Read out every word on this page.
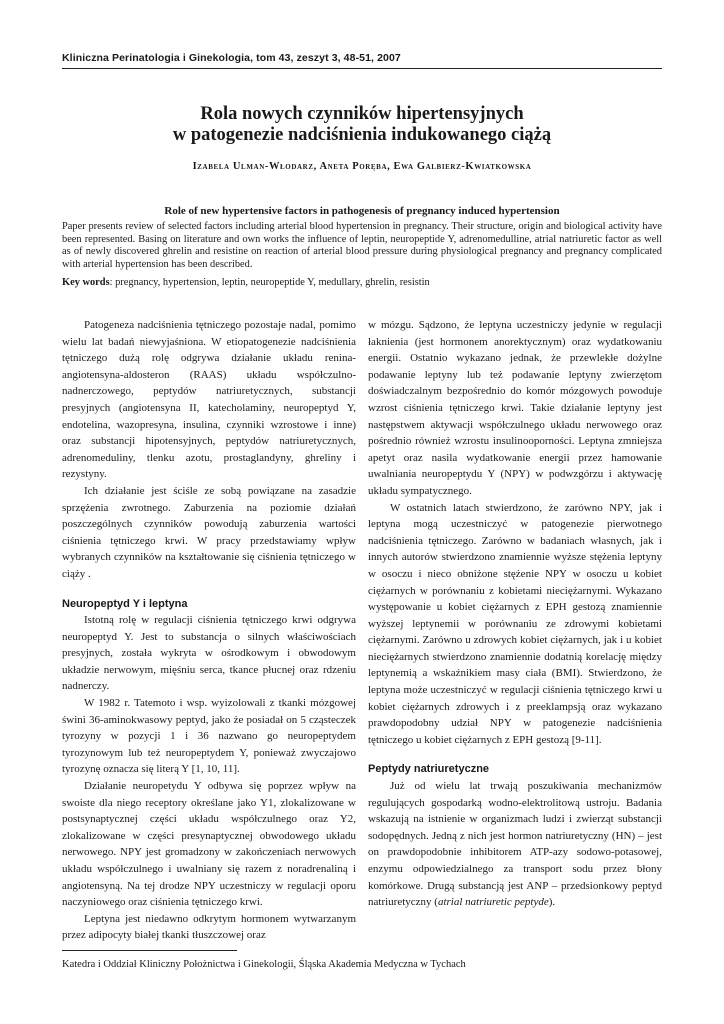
Kliniczna Perinatologia i Ginekologia, tom 43, zeszyt 3, 48-51, 2007
Rola nowych czynników hipertensyjnych
w patogenezie nadciśnienia indukowanego ciążą
Izabela Ulman-Włodarz, Aneta Poręba, Ewa Galbierz-Kwiatkowska
Role of new hypertensive factors in pathogenesis of pregnancy induced hypertension

Paper presents review of selected factors including arterial blood hypertension in pregnancy. Their structure, origin and biological activity have been represented. Basing on literature and own works the influence of leptin, neuropeptide Y, adrenomedulline, atrial natriuretic factor as well as of newly discovered ghrelin and resistine on reaction of arterial blood pressure during physiological pregnancy and pregnancy complicated with arterial hypertension has been described.

Key words: pregnancy, hypertension, leptin, neuropeptide Y, medullary, ghrelin, resistin

Patogeneza nadciśnienia tętniczego pozostaje nadal, pomimo wielu lat badań niewyjaśniona. W etiopatogenezie nadciśnienia tętniczego dużą rolę odgrywa działanie układu renina-angiotensyna-aldosteron (RAAS) układu współczulno-nadnerczowego, peptydów natriuretycznych, substancji presyjnych (angiotensyna II, katecholaminy, neuropeptyd Y, endotelina, wazopresyna, insulina, czynniki wzrostowe i inne) oraz substancji hipotensyjnych, peptydów natriuretycznych, adrenomeduliny, tlenku azotu, prostaglandyny, ghreliny i rezystyny.

Ich działanie jest ściśle ze sobą powiązane na zasadzie sprzężenia zwrotnego. Zaburzenia na poziomie działań poszczególnych czynników powodują zaburzenia wartości ciśnienia tętniczego krwi. W pracy przedstawiamy wpływ wybranych czynników na kształtowanie się ciśnienia tętniczego w ciąży .

Neuropeptyd Y i leptyna

Istotną rolę w regulacji ciśnienia tętniczego krwi odgrywa neuropeptyd Y. Jest to substancja o silnych właściwościach presyjnych, została wykryta w ośrodkowym i obwodowym układzie nerwowym, mięśniu serca, tkance płucnej oraz rdzeniu nadnerczy.

W 1982 r. Tatemoto i wsp. wyizolowali z tkanki mózgowej świni 36-aminokwasowy peptyd, jako że posiadał on 5 cząsteczek tyrozyny w pozycji 1 i 36 nazwano go neuropeptydem tyrozynowym lub też neuropeptydem Y, ponieważ zwyczajowo tyrozynę oznacza się literą Y [1, 10, 11].

Działanie neuropetydu Y odbywa się poprzez wpływ na swoiste dla niego receptory określane jako Y1, zlokalizowane w postsynaptycznej części układu współczulnego oraz Y2, zlokalizowane w części presynaptycznej obwodowego układu nerwowego. NPY jest gromadzony w zakończeniach nerwowych układu współczulnego i uwalniany się razem z noradrenaliną i angiotensyną. Na tej drodze NPY uczestniczy w regulacji oporu naczyniowego oraz ciśnienia tętniczego krwi.

Leptyna jest niedawno odkrytym hormonem wytwarzanym przez adipocyty białej tkanki tłuszczowej oraz

w mózgu. Sądzono, że leptyna uczestniczy jedynie w regulacji łaknienia (jest hormonem anorektycznym) oraz wydatkowaniu energii. Ostatnio wykazano jednak, że przewlekłe dożylne podawanie leptyny lub też podawanie leptyny zwierzętom doświadczalnym bezpośrednio do komór mózgowych powoduje wzrost ciśnienia tętniczego krwi. Takie działanie leptyny jest następstwem aktywacji współczulnego układu nerwowego oraz pośrednio również wzrostu insulinooporności. Leptyna zmniejsza apetyt oraz nasila wydatkowanie energii przez hamowanie uwalniania neuropeptydu Y (NPY) w podwzgórzu i aktywację układu sympatycznego.

W ostatnich latach stwierdzono, że zarówno NPY, jak i leptyna mogą uczestniczyć w patogenezie pierwotnego nadciśnienia tętniczego. Zarówno w badaniach własnych, jak i innych autorów stwierdzono znamiennie wyższe stężenia leptyny w osoczu i nieco obniżone stężenie NPY w osoczu u kobiet ciężarnych w porównaniu z kobietami nieciężarnymi. Wykazano występowanie u kobiet ciężarnych z EPH gestozą znamiennie wyższej leptynemii w porównaniu ze zdrowymi kobietami ciężarnymi. Zarówno u zdrowych kobiet ciężarnych, jak i u kobiet nieciężarnych stwierdzono znamiennie dodatnią korelację między leptynemią a wskaźnikiem masy ciała (BMI). Stwierdzono, że leptyna może uczestniczyć w regulacji ciśnienia tętniczego krwi u kobiet ciężarnych zdrowych i z preeklampsją oraz wykazano prawdopodobny udział NPY w patogenezie nadciśnienia tętniczego u kobiet ciężarnych z EPH gestozą [9-11].

Peptydy natriuretyczne

Już od wielu lat trwają poszukiwania mechanizmów regulujących gospodarką wodno-elektrolitową ustroju. Badania wskazują na istnienie w organizmach ludzi i zwierząt substancji sodopędnych. Jedną z nich jest hormon natriuretyczny (HN) – jest on prawdopodobnie inhibitorem ATP-azy sodowo-potasowej, enzymu odpowiedzialnego za transport sodu przez błony komórkowe. Drugą substancją jest ANP – przedsionkowy peptyd natriuretyczny (atrial natriuretic peptyde).

Katedra i Oddział Kliniczny Położnictwa i Ginekologii, Śląska Akademia Medyczna w Tychach
